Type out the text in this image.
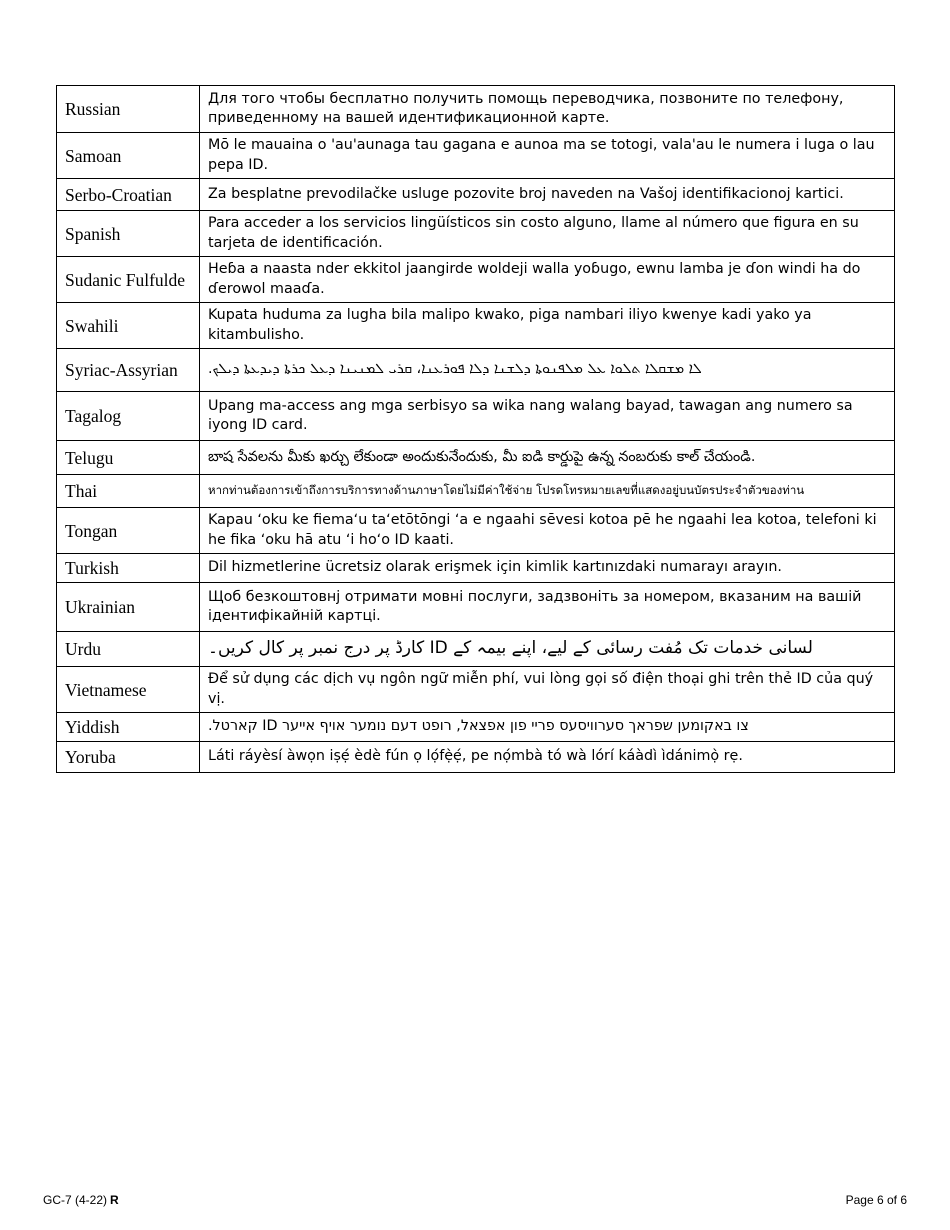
Russian	Для того чтобы бесплатно получить помощь переводчика, позвоните по телефону, приведенному на вашей идентификационной карте.
Samoan	Mō le mauaina o 'au'aunaga tau gagana e aunoa ma se totogi, vala'au le numera i luga o lau pepa ID.
Serbo-Croatian	Za besplatne prevodilačke usluge pozovite broj naveden na Vašoj identifikacionoj kartici.
Spanish	Para acceder a los servicios lingüísticos sin costo alguno, llame al número que figura en su tarjeta de identificación.
Sudanic Fulfulde	Heɓa a naasta nder ekkitol jaangirde woldeji walla yoɓugo, ewnu lamba je ɗon windi ha do ɗerowol maaɗa.
Swahili	Kupata huduma za lugha bila malipo kwako, piga nambari iliyo kwenye kadi yako ya kitambulisho.
Syriac-Assyrian	ܠܐ ܡܫܩܠܐ ܬܠܘܐ ܥܠ ܡܠܦܢܘܬܐ ܕܠܫܢܐ ܕܠܐ ܦܘܪܥܢܐ، ܩܪܝ ܠܡܢܝܢܐ ܕܥܠ ܟܪܬܐ ܕܝܕܥܬܐ ܕܝܠܟ.
Tagalog	Upang ma-access ang mga serbisyo sa wika nang walang bayad, tawagan ang numero sa iyong ID card.
Telugu	బాష సేవలను మీకు ఖర్చు లేకుండా అందుకునేందుకు, మీ ఐడి కార్డుపై ఉన్న నంబరుకు కాల్ చేయండి.
Thai	หากท่านต้องการเข้าถึงการบริการทางด้านภาษาโดยไม่มีค่าใช้จ่าย โปรดโทรหมายเลขที่แสดงอยู่บนบัตรประจำตัวของท่าน
Tongan	Kapau ʻoku ke fiemaʻu taʻetōtōngi ʻa e ngaahi sēvesi kotoa pē he ngaahi lea kotoa, telefoni ki he fika ʻoku hā atu ʻi hoʻo ID kaati.
Turkish	Dil hizmetlerine ücretsiz olarak erişmek için kimlik kartınızdaki numarayı arayın.
Ukrainian	Щоб безкоштовнj отримати мовні послуги, задзвоніть за номером, вказаним на вашій ідентифікайній картці.
Urdu	لسانی خدمات تک مُفت رسائی کے لیے، اپنے بیمہ کے ID کارڈ پر درج نمبر پر کال کریں۔
Vietnamese	Để sử dụng các dịch vụ ngôn ngữ miễn phí, vui lòng gọi số điện thoại ghi trên thẻ ID của quý vị.
Yiddish	צו באקומען שפראך סערוויסעס פריי פון אפצאל, רופט דעם נומער אויף אייער ID קארטל.
Yoruba	Láti ráyèsí àwọn iṣẹ́ èdè fún ọ lọ́fẹ̀ẹ́, pe nọ́mbà tó wà lórí káàdì ìdánimọ̀ rẹ.
GC-7 (4-22) R	Page 6 of 6
